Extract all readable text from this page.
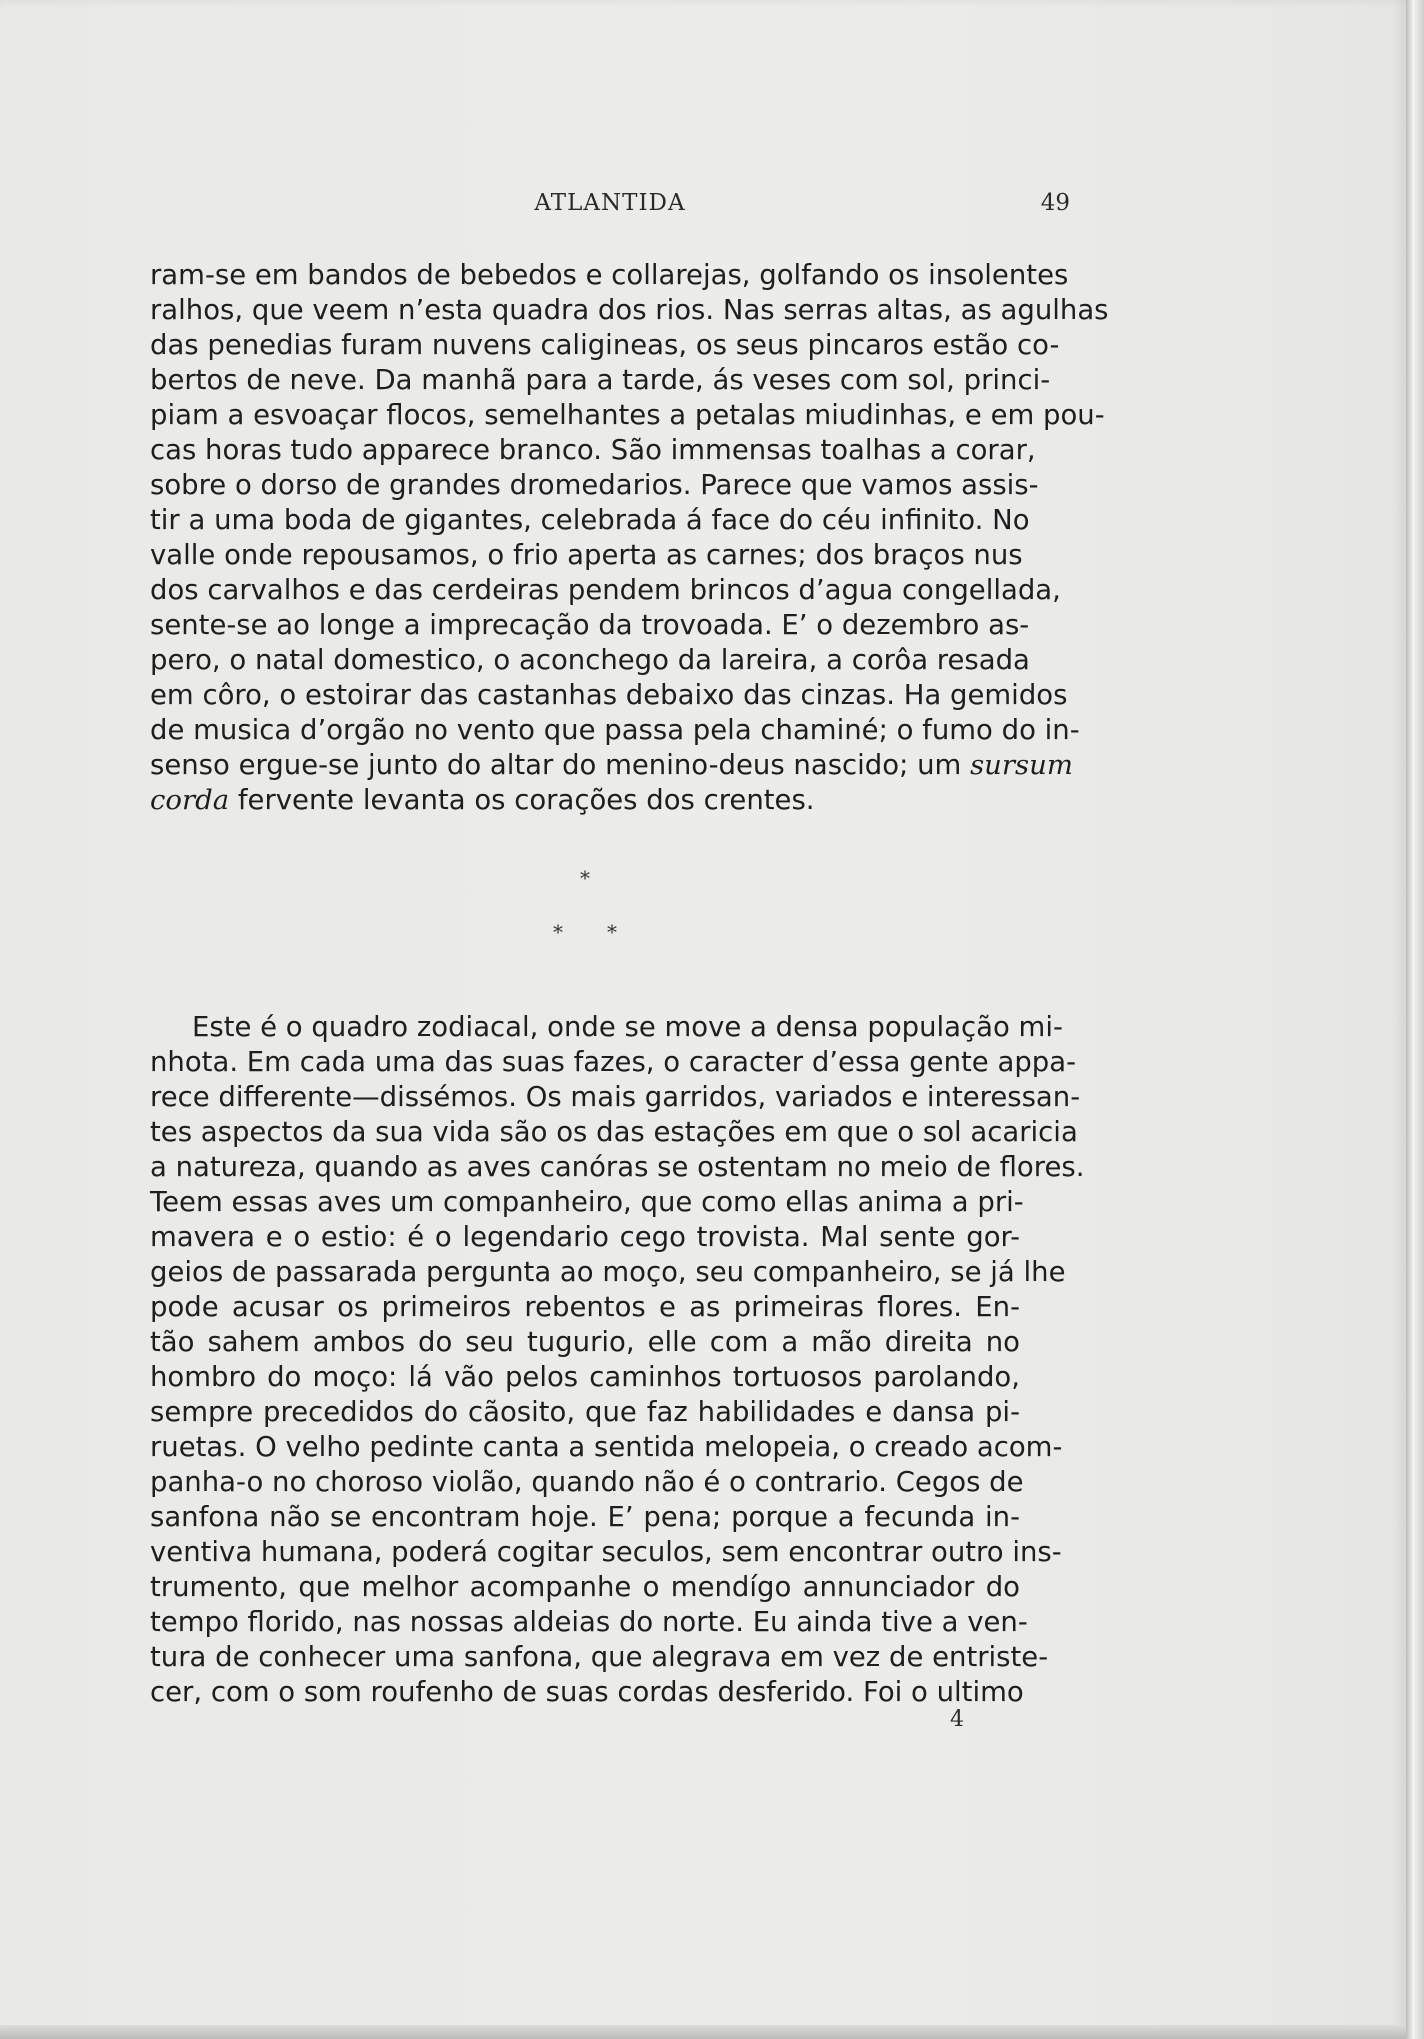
ATLANTIDA	49
ram-se em bandos de bebedos e collarejas, golfando os insolentes
ralhos, que veem n’esta quadra dos rios. Nas serras altas, as agulhas
das penedias furam nuvens caligineas, os seus pincaros estão co-
bertos de neve. Da manhã para a tarde, ás veses com sol, princi-
piam a esvoaçar flocos, semelhantes a petalas miudinhas, e em pou-
cas horas tudo apparece branco. São immensas toalhas a corar,
sobre o dorso de grandes dromedarios. Parece que vamos assis-
tir a uma boda de gigantes, celebrada á face do céu infinito. No
valle onde repousamos, o frio aperta as carnes; dos braços nus
dos carvalhos e das cerdeiras pendem brincos d’agua congellada,
sente-se ao longe a imprecação da trovoada. E’ o dezembro as-
pero, o natal domestico, o aconchego da lareira, a corôa resada
em côro, o estoirar das castanhas debaixo das cinzas. Ha gemidos
de musica d’orgão no vento que passa pela chaminé; o fumo do in-
senso ergue-se junto do altar do menino-deus nascido; um sursum
corda fervente levanta os corações dos crentes.
*
* *
Este é o quadro zodiacal, onde se move a densa população mi-
nhota. Em cada uma das suas fazes, o caracter d’essa gente appa-
rece differente—dissémos. Os mais garridos, variados e interessan-
tes aspectos da sua vida são os das estações em que o sol acaricia
a natureza, quando as aves canóras se ostentam no meio de flores.
Teem essas aves um companheiro, que como ellas anima a pri-
mavera e o estio: é o legendario cego trovista. Mal sente gor-
geios de passarada pergunta ao moço, seu companheiro, se já lhe
pode acusar os primeiros rebentos e as primeiras flores. En-
tão sahem ambos do seu tugurio, elle com a mão direita no
hombro do moço: lá vão pelos caminhos tortuosos parolando,
sempre precedidos do cãosito, que faz habilidades e dansa pi-
ruetas. O velho pedinte canta a sentida melopeia, o creado acom-
panha-o no choroso violão, quando não é o contrario. Cegos de
sanfona não se encontram hoje. E’ pena; porque a fecunda in-
ventiva humana, poderá cogitar seculos, sem encontrar outro ins-
trumento, que melhor acompanhe o mendígo annunciador do
tempo florido, nas nossas aldeias do norte. Eu ainda tive a ven-
tura de conhecer uma sanfona, que alegrava em vez de entriste-
cer, com o som roufenho de suas cordas desferido. Foi o ultimo
4
